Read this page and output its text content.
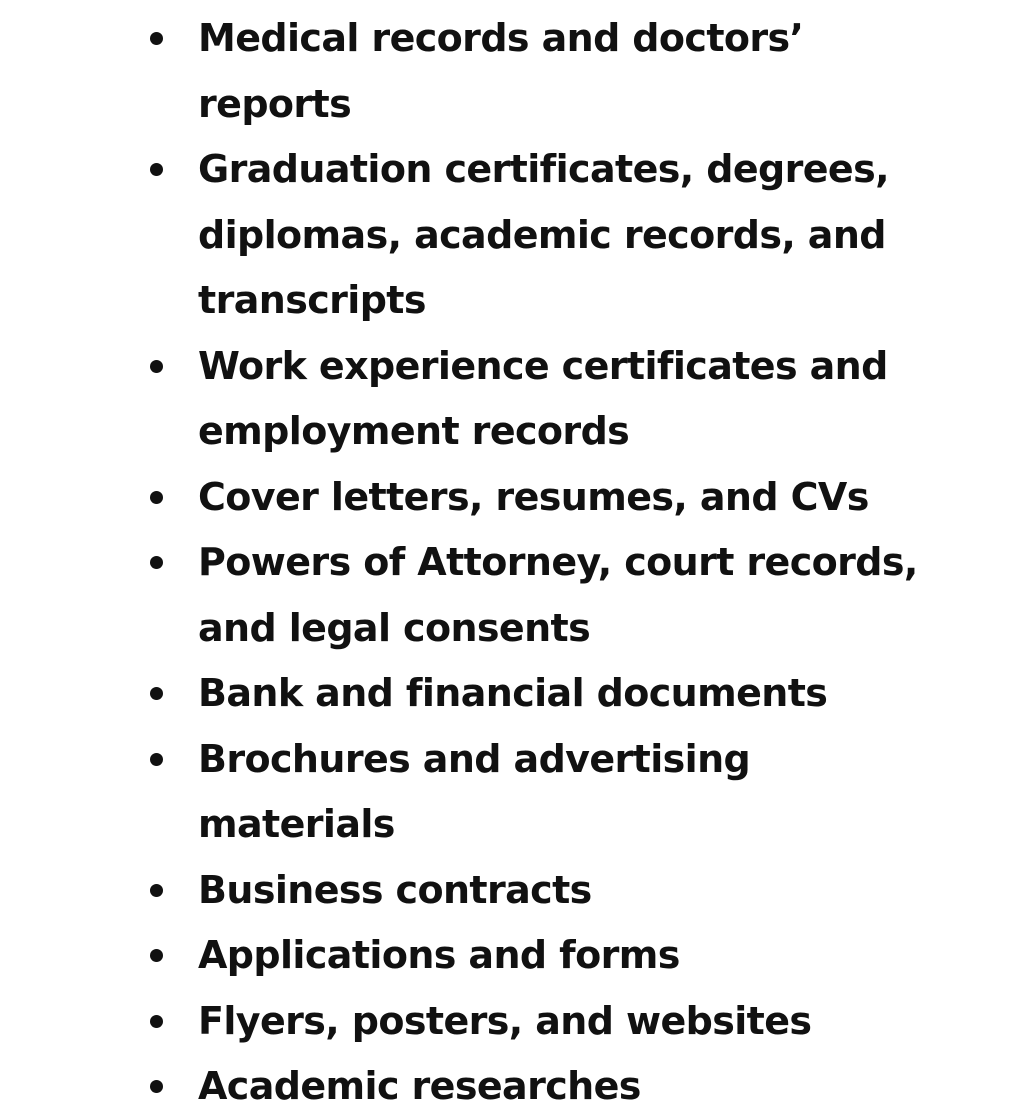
Medical records and doctors’ reports
Graduation certificates, degrees, diplomas, academic records, and transcripts
Work experience certificates and employment records
Cover letters, resumes, and CVs
Powers of Attorney, court records, and legal consents
Bank and financial documents
Brochures and advertising materials
Business contracts
Applications and forms
Flyers, posters, and websites
Academic researches
